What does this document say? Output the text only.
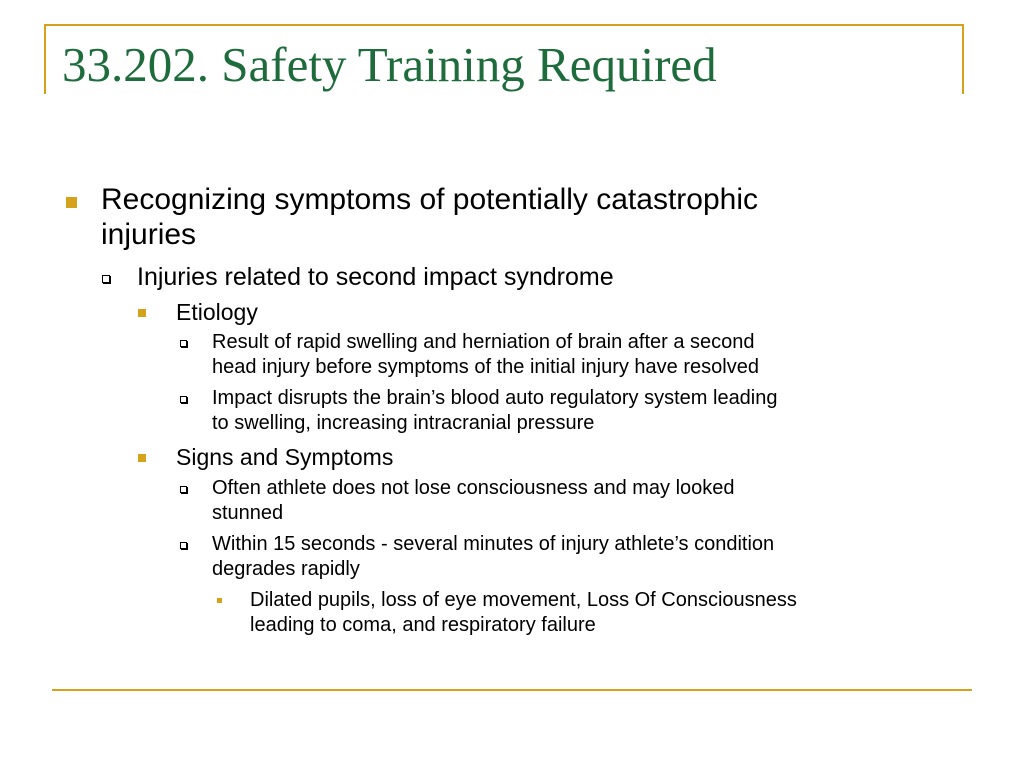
33.202. Safety Training Required
Recognizing symptoms of potentially catastrophic
injuries
Injuries related to second impact syndrome
Etiology
Result of rapid swelling and herniation of brain after a second
head injury before symptoms of the initial injury have resolved
Impact disrupts the brain’s blood auto regulatory system leading
to swelling, increasing intracranial pressure
Signs and Symptoms
Often athlete does not lose consciousness and may looked
stunned
Within 15 seconds - several minutes of injury athlete’s condition
degrades rapidly
Dilated pupils, loss of eye movement, Loss Of Consciousness
leading to coma, and respiratory failure
